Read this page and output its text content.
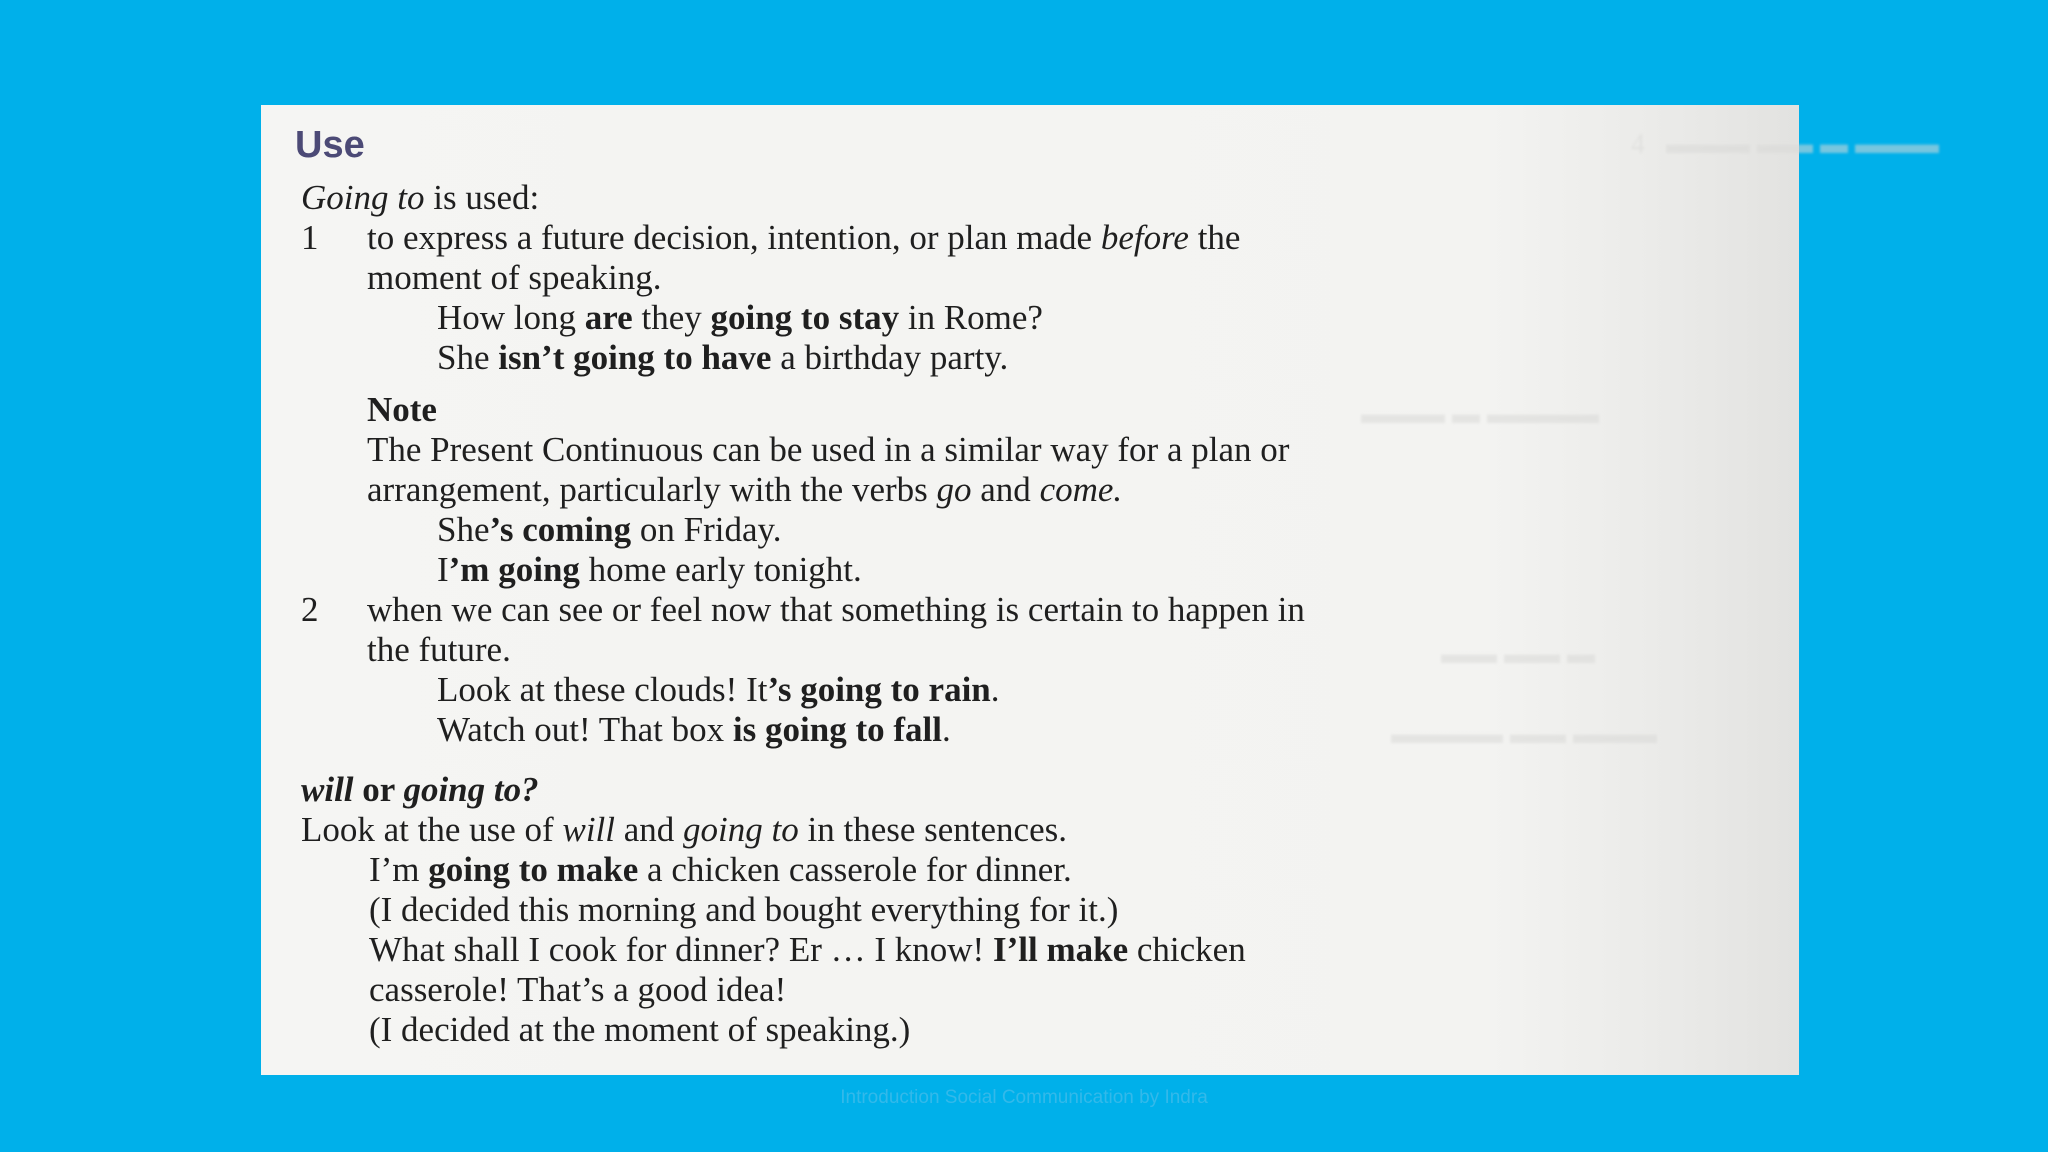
4   ▬▬▬ ▬▬ ▬ ▬▬▬
▬▬▬ ▬ ▬▬▬▬
▬▬ ▬▬ ▬
▬▬▬▬ ▬▬ ▬▬▬
Use
Going to is used:
1 to express a future decision, intention, or plan made before the
moment of speaking.
How long are they going to stay in Rome?
She isn’t going to have a birthday party.
Note
The Present Continuous can be used in a similar way for a plan or
arrangement, particularly with the verbs go and come.
She’s coming on Friday.
I’m going home early tonight.
2 when we can see or feel now that something is certain to happen in
the future.
Look at these clouds! It’s going to rain.
Watch out! That box is going to fall.
will or going to?
Look at the use of will and going to in these sentences.
I’m going to make a chicken casserole for dinner.
(I decided this morning and bought everything for it.)
What shall I cook for dinner? Er … I know! I’ll make chicken
casserole! That’s a good idea!
(I decided at the moment of speaking.)
Introduction Social Communication by Indra
